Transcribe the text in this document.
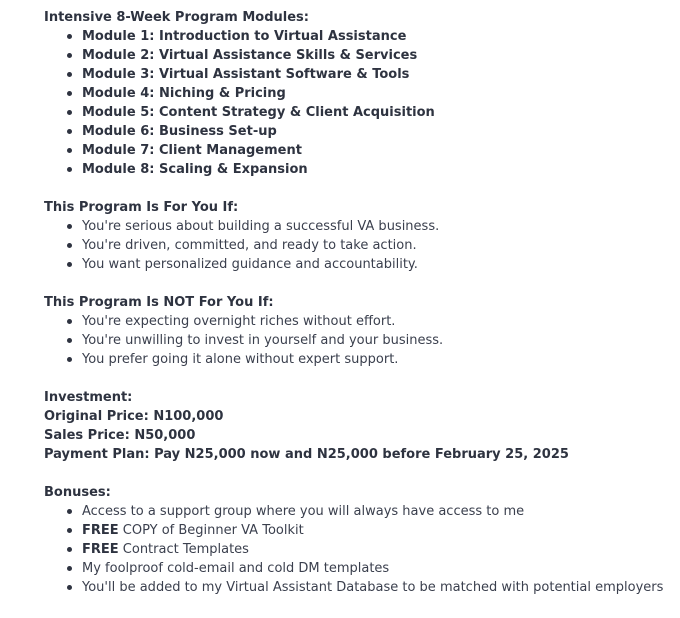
Intensive 8-Week Program Modules:
Module 1: Introduction to Virtual Assistance
Module 2: Virtual Assistance Skills & Services
Module 3: Virtual Assistant Software & Tools
Module 4: Niching & Pricing
Module 5: Content Strategy & Client Acquisition
Module 6: Business Set-up
Module 7: Client Management
Module 8: Scaling & Expansion
This Program Is For You If:
You're serious about building a successful VA business.
You're driven, committed, and ready to take action.
You want personalized guidance and accountability.
This Program Is NOT For You If:
You're expecting overnight riches without effort.
You're unwilling to invest in yourself and your business.
You prefer going it alone without expert support.
Investment:
Original Price: N100,000
Sales Price: N50,000
Payment Plan: Pay N25,000 now and N25,000 before February 25, 2025
Bonuses:
Access to a support group where you will always have access to me
FREE COPY of Beginner VA Toolkit
FREE Contract Templates
My foolproof cold-email and cold DM templates
You'll be added to my Virtual Assistant Database to be matched with potential employers
